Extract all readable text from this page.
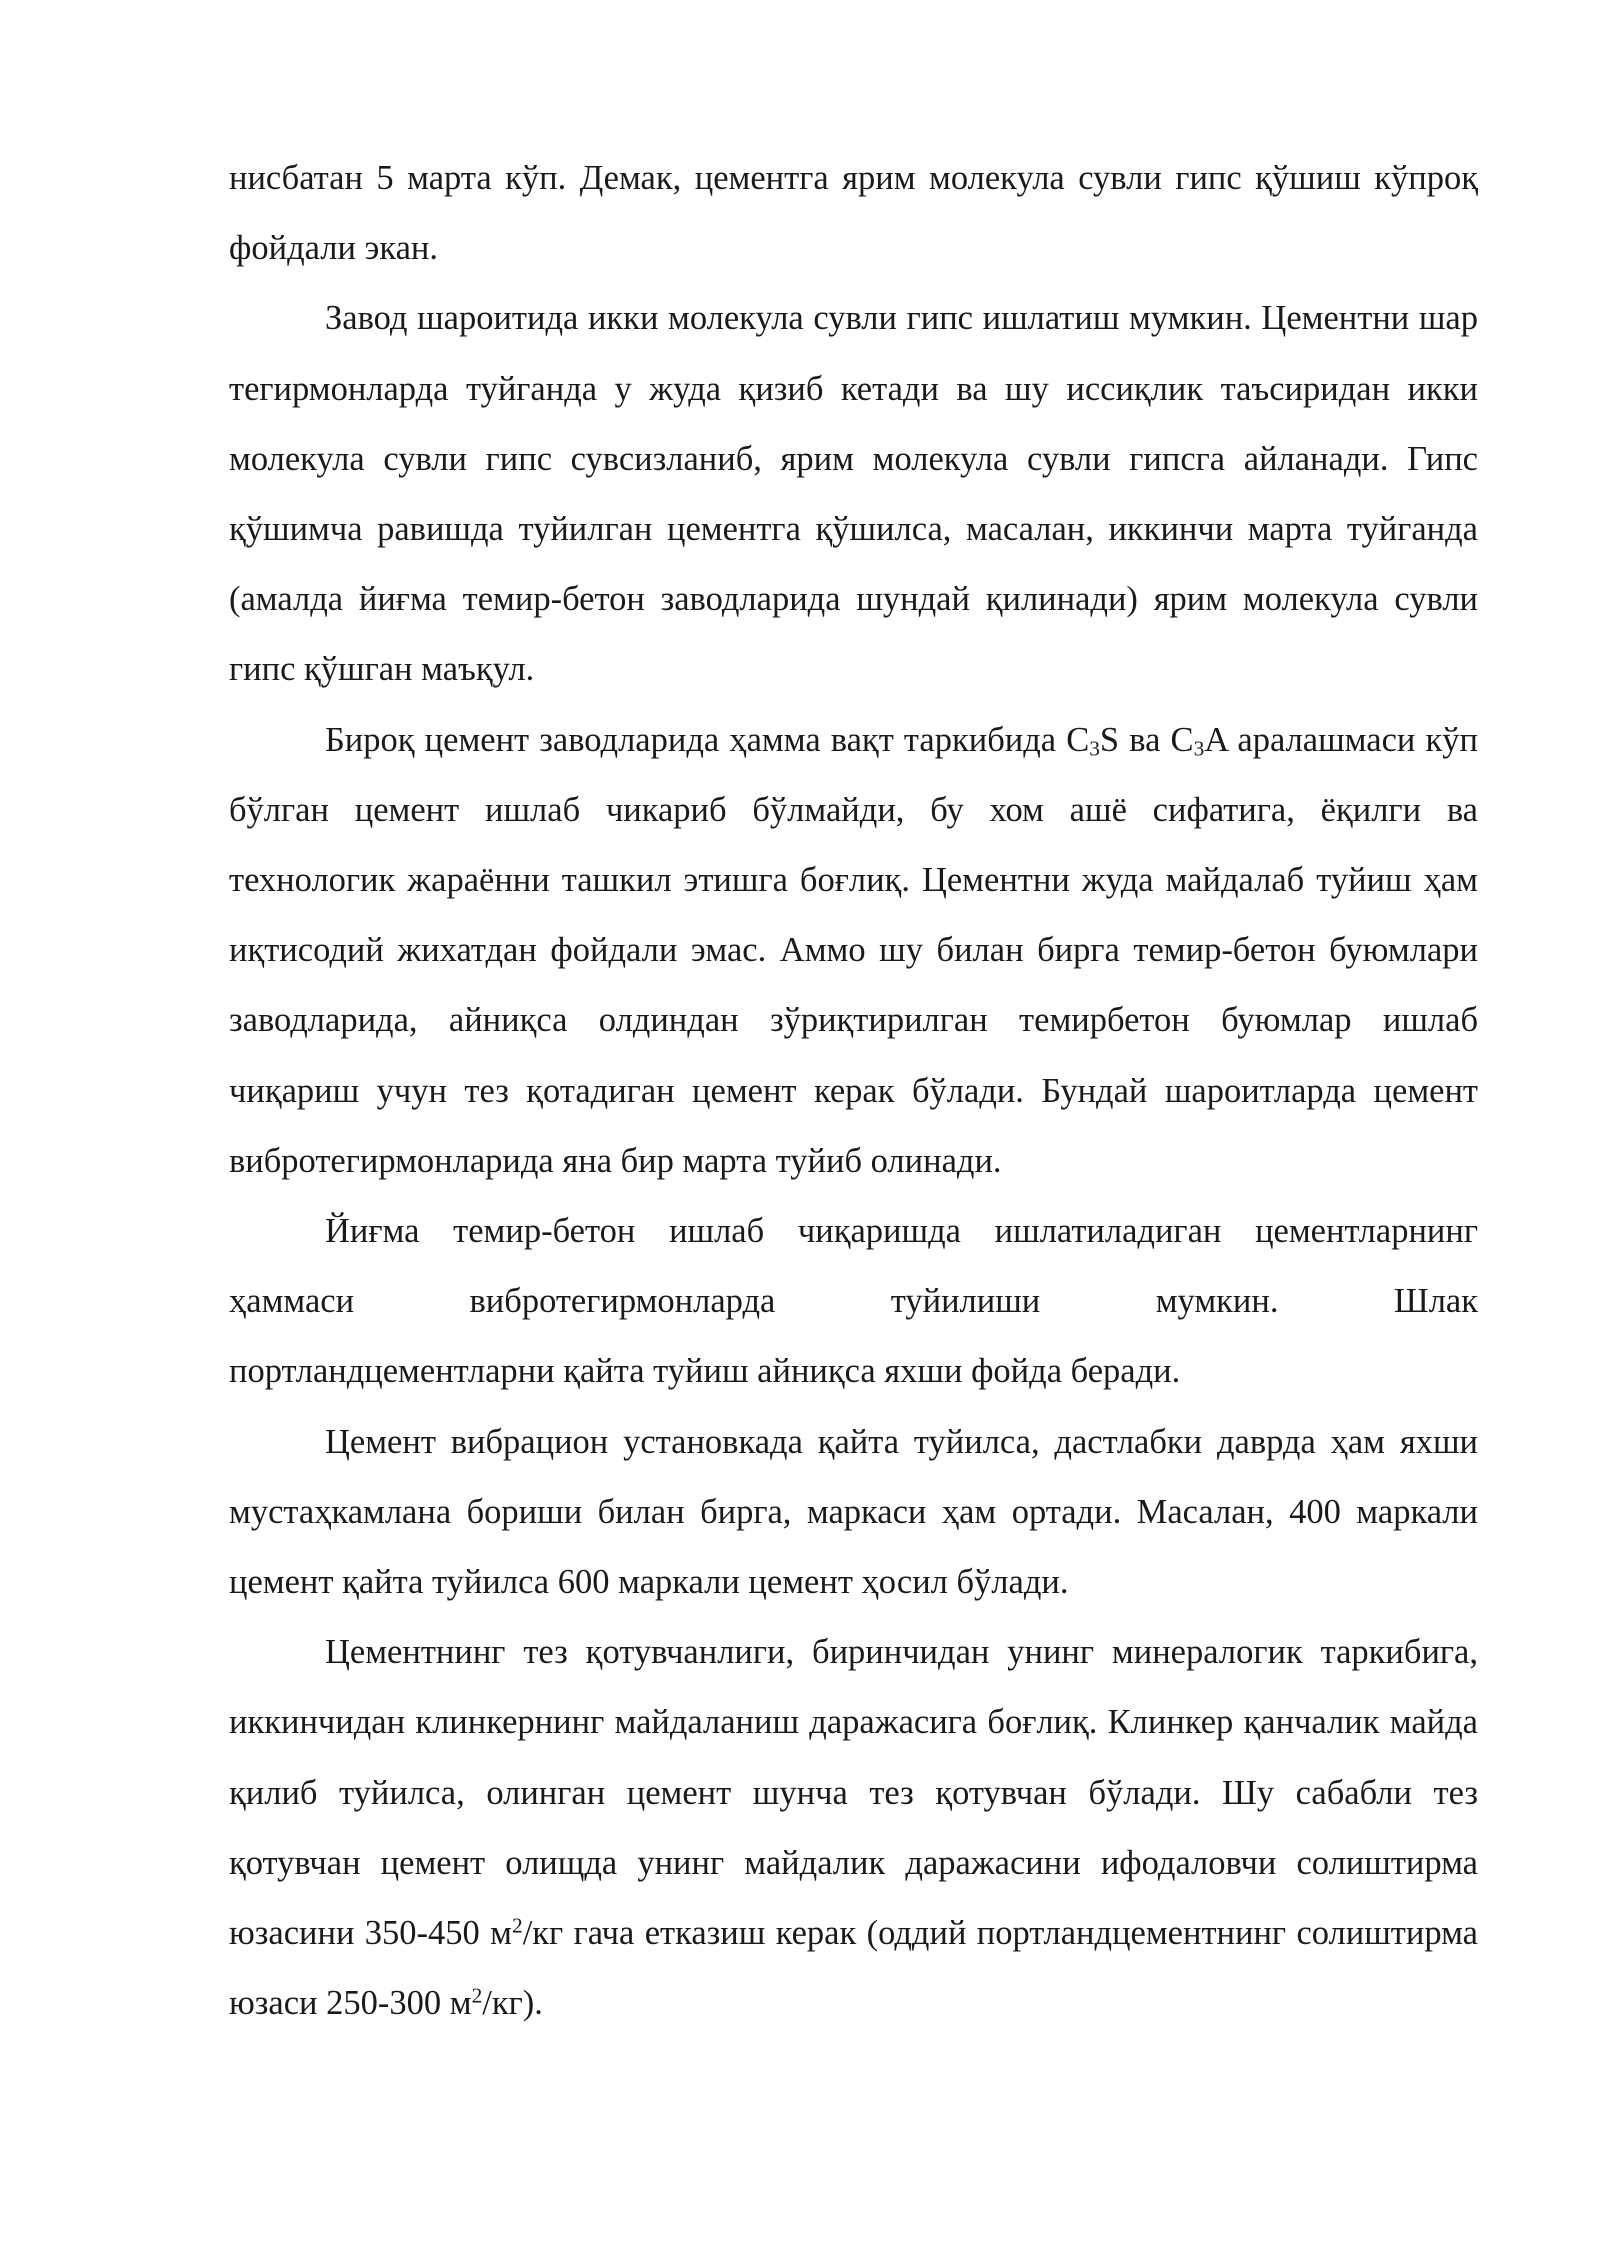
нисбатан 5 марта кўп. Демак, цементга ярим молекула сувли гипс қўшиш кўпроқ фойдали экан.

Завод шароитида икки молекула сувли гипс ишлатиш мумкин. Цементни шар тегирмонларда туйганда у жуда қизиб кетади ва шу иссиқлик таъсиридан икки молекула сувли гипс сувсизланиб, ярим молекула сувли гипсга айланади. Гипс қўшимча равишда туйилган цементга қўшилса, масалан, иккинчи марта туйганда (амалда йиғма темир-бетон заводларида шундай қилинади) ярим молекула сувли гипс қўшган маъқул.

Бироқ цемент заводларида ҳамма вақт таркибида $C_3S$ ва $C_3A$ аралашмаси кўп бўлган цемент ишлаб чикариб бўлмайди, бу хом ашё сифатига, ёқилги ва технологик жараённи ташкил этишга боғлиқ. Цементни жуда майдалаб туйиш ҳам иқтисодий жихатдан фойдали эмас. Аммо шу билан бирга темир-бетон буюмлари заводларида, айниқса олдиндан зўриқтирилган темирбетон буюмлар ишлаб чиқариш учун тез қотадиган цемент керак бўлади. Бундай шароитларда цемент вибротегирмонларида яна бир марта туйиб олинади.

Йиғма темир-бетон ишлаб чиқаришда ишлатиладиган цементларнинг ҳаммаси вибротегирмонларда туйилиши мумкин. Шлак

портландцементларни қайта туйиш айниқса яхши фойда беради.

Цемент вибрацион установкада қайта туйилса, дастлабки даврда ҳам яхши мустаҳкамлана бориши билан бирга, маркаси ҳам ортади. Масалан, 400 маркали цемент қайта туйилса 600 маркали цемент ҳосил бўлади.

Цементнинг тез қотувчанлиги, биринчидан унинг минералогик таркибига, иккинчидан клинкернинг майдаланиш даражасига боғлиқ. Клинкер қанчалик майда қилиб туйилса, олинган цемент шунча тез қотувчан бўлади. Шу сабабли тез қотувчан цемент олищда унинг майдалик даражасини ифодаловчи солиштирма юзасини 350-450 $м^2/кг$ гача етказиш керак (оддий портландцементнинг солиштирма юзаси 250-300 $м^2/кг$).
